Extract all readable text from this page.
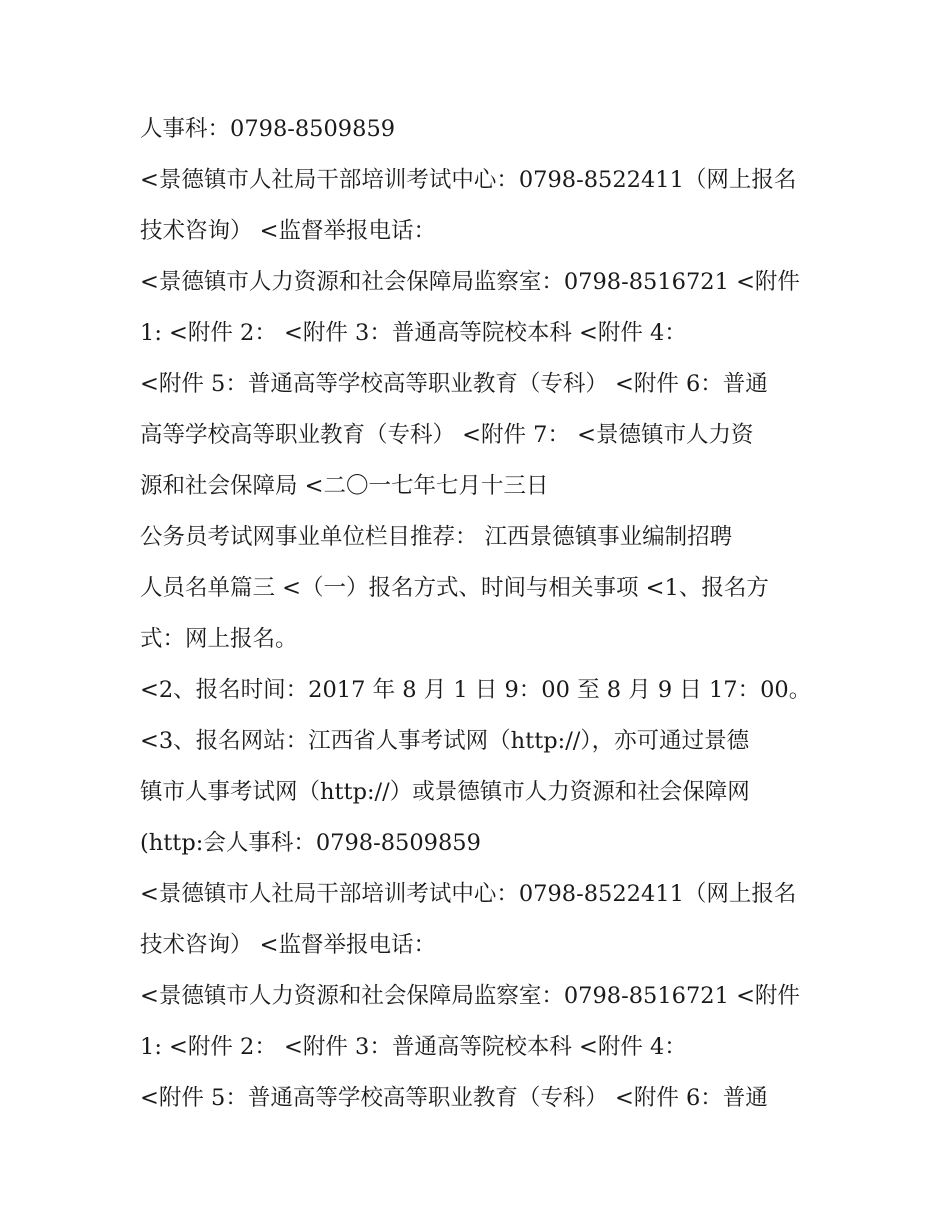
人事科：0798-8509859
<景德镇市人社局干部培训考试中心：0798-8522411（网上报名
技术咨询） <监督举报电话：
<景德镇市人力资源和社会保障局监察室：0798-8516721 <附件
1: <附件 2： <附件 3：普通高等院校本科 <附件 4：
<附件 5：普通高等学校高等职业教育（专科） <附件 6：普通
高等学校高等职业教育（专科） <附件 7： <景德镇市人力资
源和社会保障局 <二〇一七年七月十三日
公务员考试网事业单位栏目推荐： 江西景德镇事业编制招聘
人员名单篇三 <（一）报名方式、时间与相关事项 <1、报名方
式：网上报名。
<2、报名时间：2017 年 8 月 1 日 9：00 至 8 月 9 日 17：00。
<3、报名网站：江西省人事考试网（http://），亦可通过景德
镇市人事考试网（http://）或景德镇市人力资源和社会保障网
(http:会人事科：0798-8509859
<景德镇市人社局干部培训考试中心：0798-8522411（网上报名
技术咨询） <监督举报电话：
<景德镇市人力资源和社会保障局监察室：0798-8516721 <附件
1: <附件 2： <附件 3：普通高等院校本科 <附件 4：
<附件 5：普通高等学校高等职业教育（专科） <附件 6：普通
